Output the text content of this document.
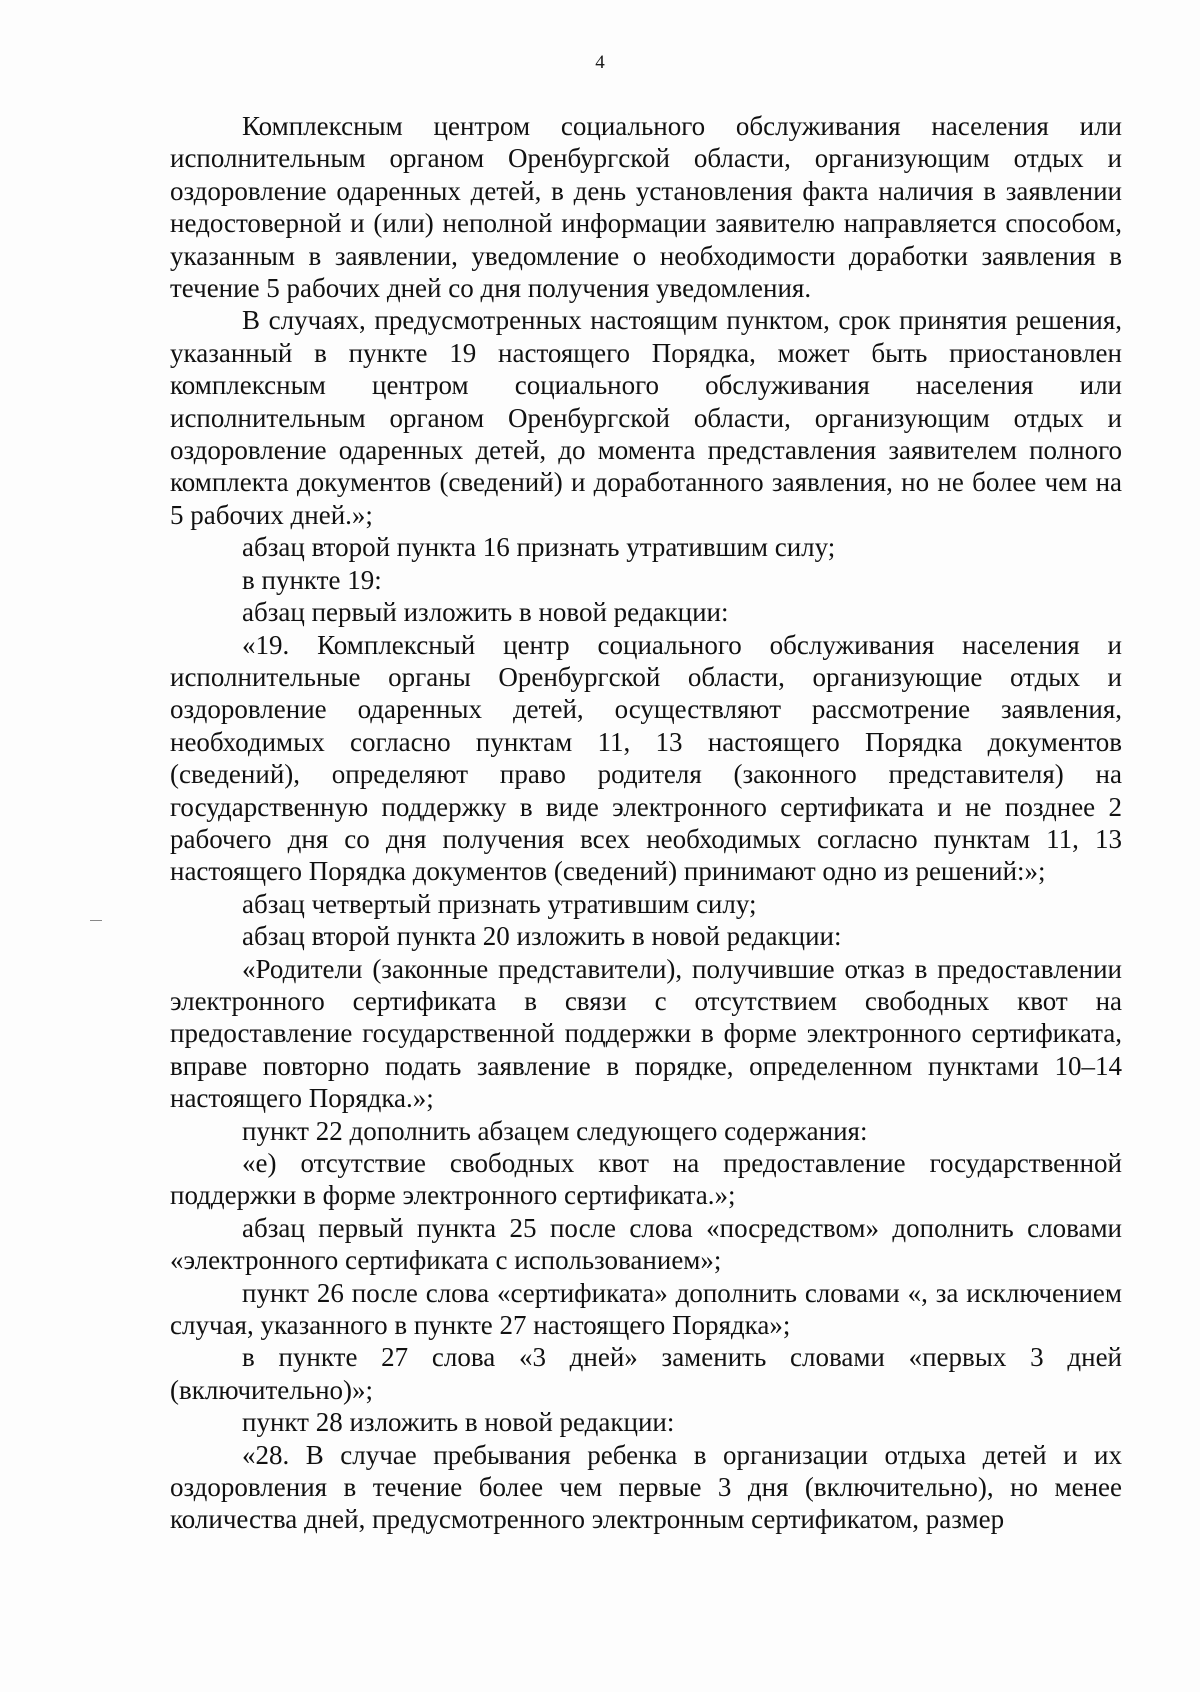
4

Комплексным центром социального обслуживания населения или исполнительным органом Оренбургской области, организующим отдых и оздоровление одаренных детей, в день установления факта наличия в заявлении недостоверной и (или) неполной информации заявителю направляется способом, указанным в заявлении, уведомление о необходимости доработки заявления в течение 5 рабочих дней со дня получения уведомления.

В случаях, предусмотренных настоящим пунктом, срок принятия решения, указанный в пункте 19 настоящего Порядка, может быть приостановлен комплексным центром социального обслуживания населения или исполнительным органом Оренбургской области, организующим отдых и оздоровление одаренных детей, до момента представления заявителем полного комплекта документов (сведений) и доработанного заявления, но не более чем на 5 рабочих дней.»;

абзац второй пункта 16 признать утратившим силу;

в пункте 19:

абзац первый изложить в новой редакции:

«19. Комплексный центр социального обслуживания населения и исполнительные органы Оренбургской области, организующие отдых и оздоровление одаренных детей, осуществляют рассмотрение заявления, необходимых согласно пунктам 11, 13 настоящего Порядка документов (сведений), определяют право родителя (законного представителя) на государственную поддержку в виде электронного сертификата и не позднее 2 рабочего дня со дня получения всех необходимых согласно пунктам 11, 13 настоящего Порядка документов (сведений) принимают одно из решений:»;

абзац четвертый признать утратившим силу;

абзац второй пункта 20 изложить в новой редакции:

«Родители (законные представители), получившие отказ в предоставлении электронного сертификата в связи с отсутствием свободных квот на предоставление государственной поддержки в форме электронного сертификата, вправе повторно подать заявление в порядке, определенном пунктами 10–14 настоящего Порядка.»;

пункт 22 дополнить абзацем следующего содержания:

«е) отсутствие свободных квот на предоставление государственной поддержки в форме электронного сертификата.»;

абзац первый пункта 25 после слова «посредством» дополнить словами «электронного сертификата с использованием»;

пункт 26 после слова «сертификата» дополнить словами «, за исключением случая, указанного в пункте 27 настоящего Порядка»;

в пункте 27 слова «3 дней» заменить словами «первых 3 дней (включительно)»;

пункт 28 изложить в новой редакции:

«28. В случае пребывания ребенка в организации отдыха детей и их оздоровления в течение более чем первые 3 дня (включительно), но менее количества дней, предусмотренного электронным сертификатом, размер
